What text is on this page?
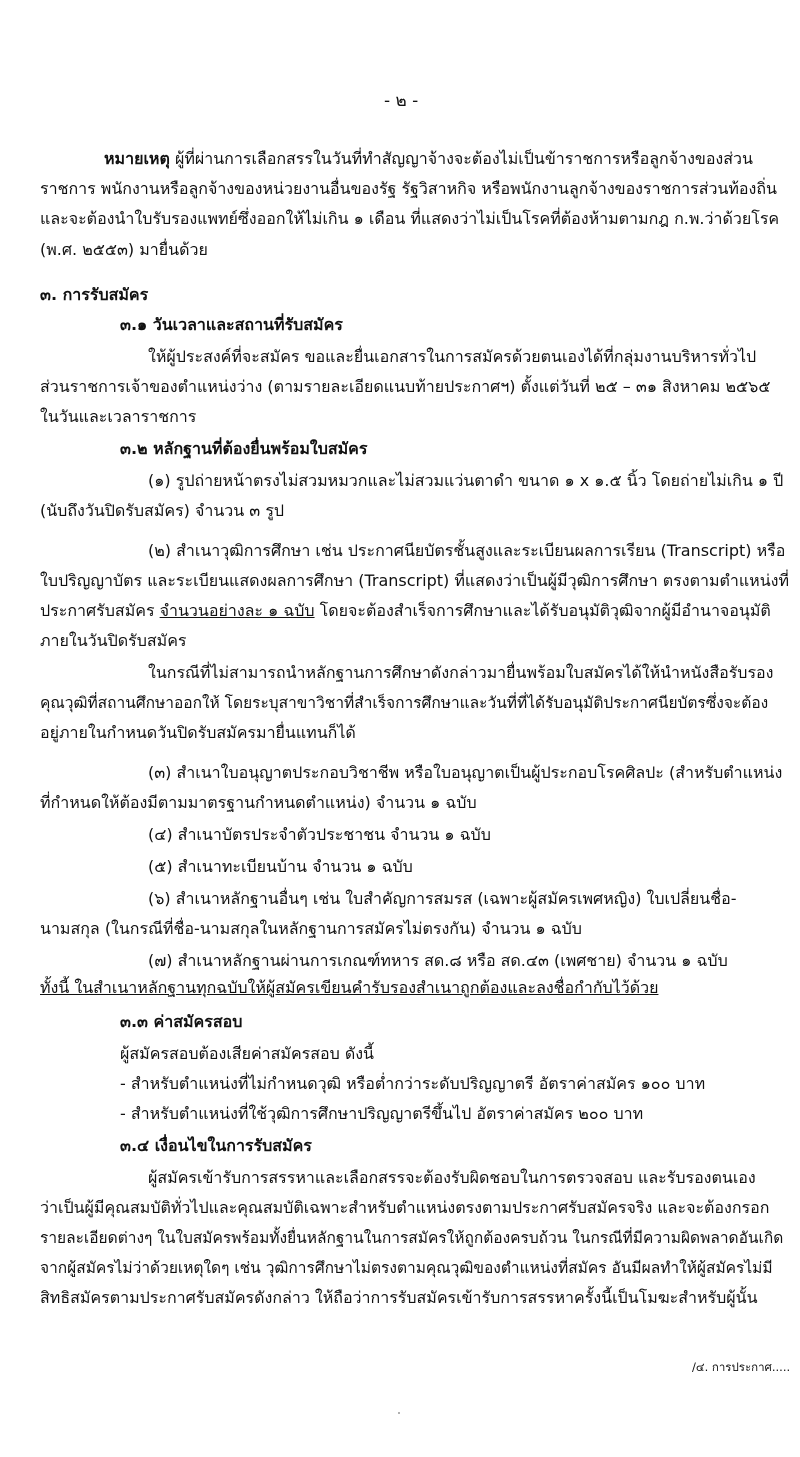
- ๒ -
หมายเหตุ ผู้ที่ผ่านการเลือกสรรในวันที่ทำสัญญาจ้างจะต้องไม่เป็นข้าราชการหรือลูกจ้างของส่วน
ราชการ พนักงานหรือลูกจ้างของหน่วยงานอื่นของรัฐ รัฐวิสาหกิจ หรือพนักงานลูกจ้างของราชการส่วนท้องถิ่น
และจะต้องนำใบรับรองแพทย์ซึ่งออกให้ไม่เกิน ๑ เดือน ที่แสดงว่าไม่เป็นโรคที่ต้องห้ามตามกฎ ก.พ.ว่าด้วยโรค
(พ.ศ. ๒๕๕๓) มายื่นด้วย
๓. การรับสมัคร
๓.๑ วันเวลาและสถานที่รับสมัคร
ให้ผู้ประสงค์ที่จะสมัคร ขอและยื่นเอกสารในการสมัครด้วยตนเองได้ที่กลุ่มงานบริหารทั่วไป
ส่วนราชการเจ้าของตำแหน่งว่าง (ตามรายละเอียดแนบท้ายประกาศฯ) ตั้งแต่วันที่ ๒๕ – ๓๑ สิงหาคม ๒๕๖๕
ในวันและเวลาราชการ
๓.๒ หลักฐานที่ต้องยื่นพร้อมใบสมัคร
(๑) รูปถ่ายหน้าตรงไม่สวมหมวกและไม่สวมแว่นตาดำ ขนาด ๑ x ๑.๕ นิ้ว โดยถ่ายไม่เกิน ๑ ปี
(นับถึงวันปิดรับสมัคร) จำนวน ๓ รูป
(๒) สำเนาวุฒิการศึกษา เช่น ประกาศนียบัตรชั้นสูงและระเบียนผลการเรียน (Transcript) หรือ
ใบปริญญาบัตร และระเบียนแสดงผลการศึกษา (Transcript) ที่แสดงว่าเป็นผู้มีวุฒิการศึกษา ตรงตามตำแหน่งที่
ประกาศรับสมัคร จำนวนอย่างละ ๑ ฉบับ โดยจะต้องสำเร็จการศึกษาและได้รับอนุมัติวุฒิจากผู้มีอำนาจอนุมัติ
ภายในวันปิดรับสมัคร
ในกรณีที่ไม่สามารถนำหลักฐานการศึกษาดังกล่าวมายื่นพร้อมใบสมัครได้ให้นำหนังสือรับรอง
คุณวุฒิที่สถานศึกษาออกให้ โดยระบุสาขาวิชาที่สำเร็จการศึกษาและวันที่ที่ได้รับอนุมัติประกาศนียบัตรซึ่งจะต้อง
อยู่ภายในกำหนดวันปิดรับสมัครมายื่นแทนก็ได้
(๓) สำเนาใบอนุญาตประกอบวิชาชีพ หรือใบอนุญาตเป็นผู้ประกอบโรคศิลปะ (สำหรับตำแหน่ง
ที่กำหนดให้ต้องมีตามมาตรฐานกำหนดตำแหน่ง) จำนวน ๑ ฉบับ
(๔) สำเนาบัตรประจำตัวประชาชน จำนวน ๑ ฉบับ
(๕) สำเนาทะเบียนบ้าน จำนวน ๑ ฉบับ
(๖) สำเนาหลักฐานอื่นๆ เช่น ใบสำคัญการสมรส (เฉพาะผู้สมัครเพศหญิง) ใบเปลี่ยนชื่อ-
นามสกุล (ในกรณีที่ชื่อ-นามสกุลในหลักฐานการสมัครไม่ตรงกัน) จำนวน ๑ ฉบับ
(๗) สำเนาหลักฐานผ่านการเกณฑ์ทหาร สด.๘ หรือ สด.๔๓ (เพศชาย) จำนวน ๑ ฉบับ
ทั้งนี้ ในสำเนาหลักฐานทุกฉบับให้ผู้สมัครเขียนคำรับรองสำเนาถูกต้องและลงชื่อกำกับไว้ด้วย
๓.๓ ค่าสมัครสอบ
ผู้สมัครสอบต้องเสียค่าสมัครสอบ ดังนี้
- สำหรับตำแหน่งที่ไม่กำหนดวุฒิ หรือต่ำกว่าระดับปริญญาตรี อัตราค่าสมัคร ๑๐๐ บาท
- สำหรับตำแหน่งที่ใช้วุฒิการศึกษาปริญญาตรีขึ้นไป อัตราค่าสมัคร ๒๐๐ บาท
๓.๔ เงื่อนไขในการรับสมัคร
ผู้สมัครเข้ารับการสรรหาและเลือกสรรจะต้องรับผิดชอบในการตรวจสอบ และรับรองตนเอง
ว่าเป็นผู้มีคุณสมบัติทั่วไปและคุณสมบัติเฉพาะสำหรับตำแหน่งตรงตามประกาศรับสมัครจริง และจะต้องกรอก
รายละเอียดต่างๆ ในใบสมัครพร้อมทั้งยื่นหลักฐานในการสมัครให้ถูกต้องครบถ้วน ในกรณีที่มีความผิดพลาดอันเกิด
จากผู้สมัครไม่ว่าด้วยเหตุใดๆ เช่น วุฒิการศึกษาไม่ตรงตามคุณวุฒิของตำแหน่งที่สมัคร อันมีผลทำให้ผู้สมัครไม่มี
สิทธิสมัครตามประกาศรับสมัครดังกล่าว ให้ถือว่าการรับสมัครเข้ารับการสรรหาครั้งนี้เป็นโมฆะสำหรับผู้นั้น
/๔. การประกาศ.....
